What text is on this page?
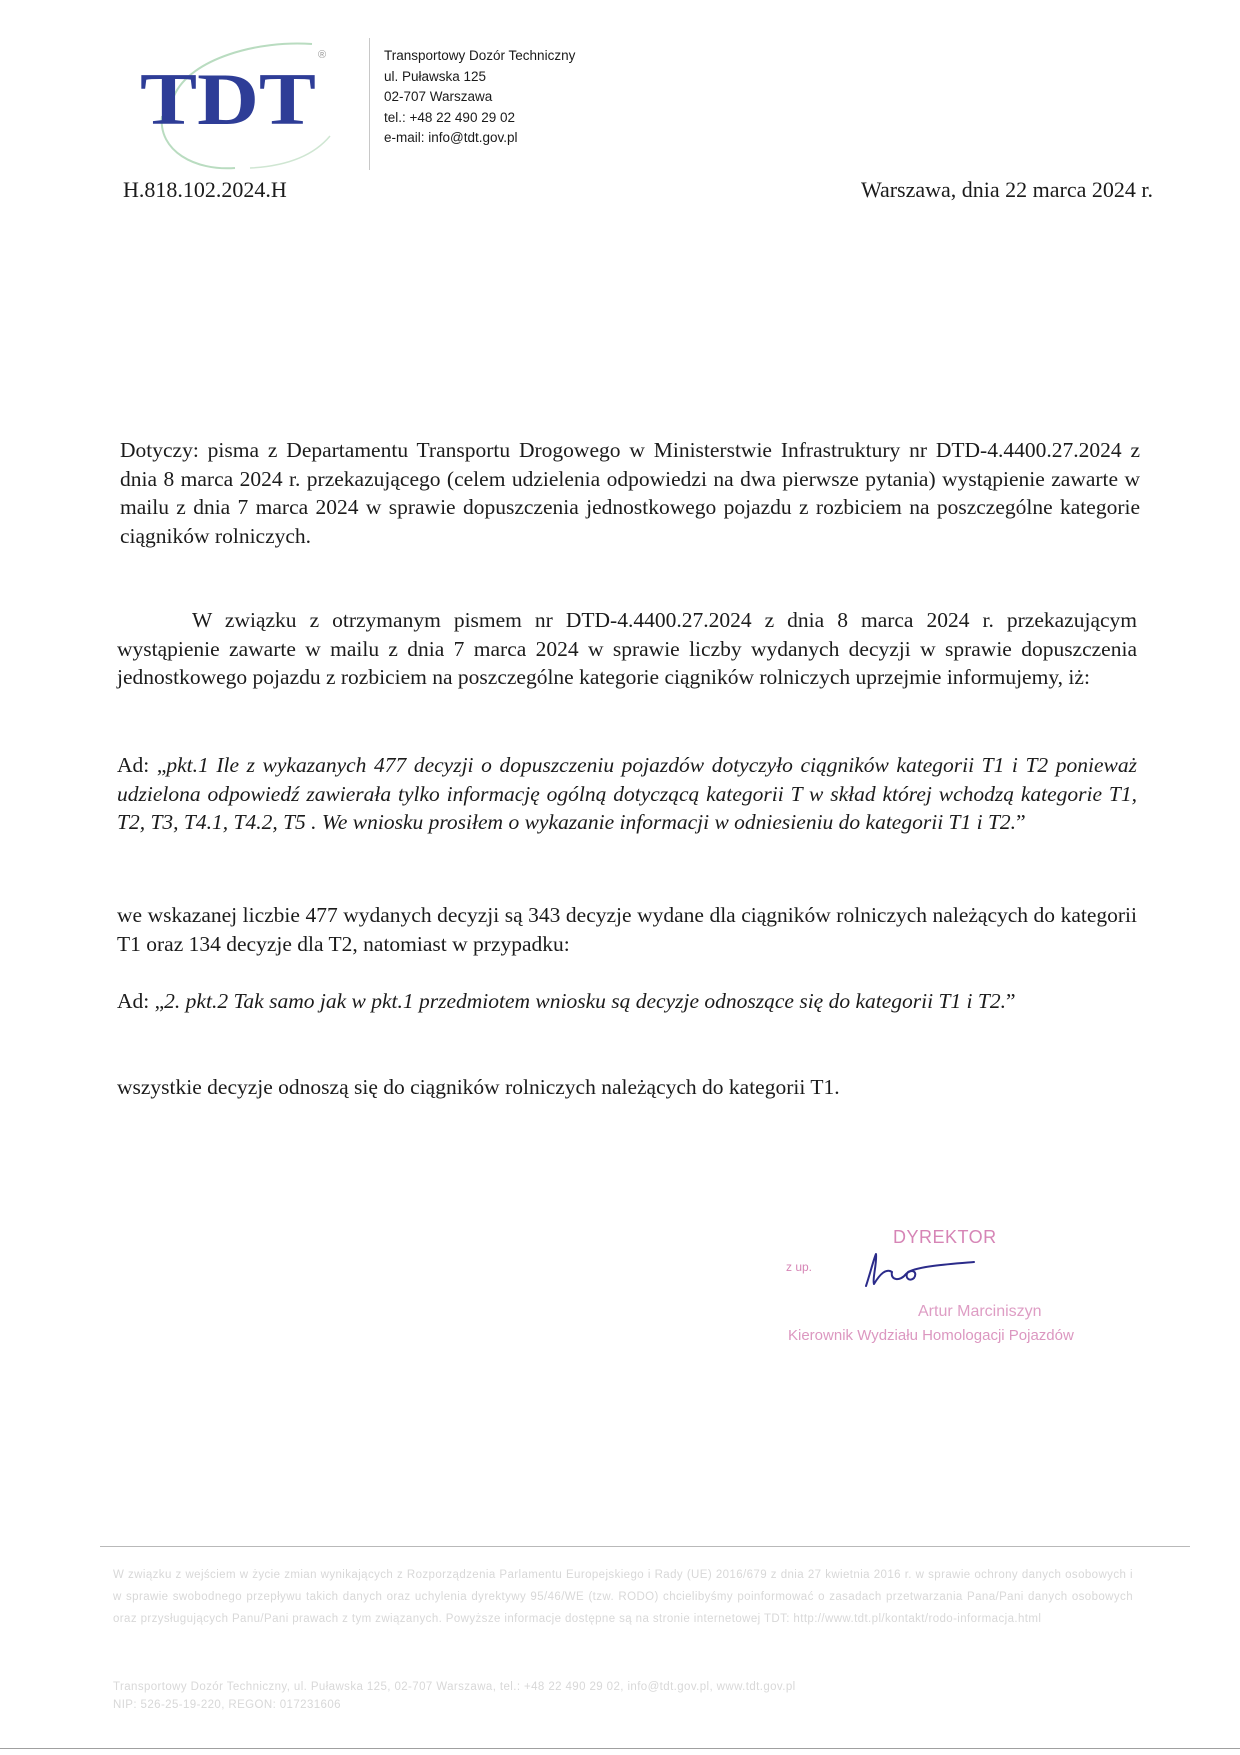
TDT
®	Transportowy Dozór Techniczny
ul. Puławska 125
02-707 Warszawa
tel.: +48 22 490 29 02
e-mail: info@tdt.gov.pl
H.818.102.2024.H	Warszawa, dnia 22 marca 2024 r.
Dotyczy: pisma z Departamentu Transportu Drogowego w Ministerstwie Infrastruktury nr DTD-4.4400.27.2024 z dnia 8 marca 2024 r. przekazującego (celem udzielenia odpowiedzi na dwa pierwsze pytania) wystąpienie zawarte w mailu z dnia 7 marca 2024 w sprawie dopuszczenia jednostkowego pojazdu z rozbiciem na poszczególne kategorie ciągników rolniczych.
W związku z otrzymanym pismem nr DTD-4.4400.27.2024 z dnia 8 marca 2024 r. przekazującym wystąpienie zawarte w mailu z dnia 7 marca 2024 w sprawie liczby wydanych decyzji w sprawie dopuszczenia jednostkowego pojazdu z rozbiciem na poszczególne kategorie ciągników rolniczych uprzejmie informujemy, iż:
Ad: „pkt.1 Ile z wykazanych 477 decyzji o dopuszczeniu pojazdów dotyczyło ciągników kategorii T1 i T2 ponieważ udzielona odpowiedź zawierała tylko informację ogólną dotyczącą kategorii T w skład której wchodzą kategorie T1, T2, T3, T4.1, T4.2, T5 . We wniosku prosiłem o wykazanie informacji w odniesieniu do kategorii T1 i T2.”
we wskazanej liczbie 477 wydanych decyzji są 343 decyzje wydane dla ciągników rolniczych należących do kategorii T1 oraz 134 decyzje dla T2, natomiast w przypadku:
Ad: „2. pkt.2 Tak samo jak w pkt.1 przedmiotem wniosku są decyzje odnoszące się do kategorii T1 i T2.”
wszystkie decyzje odnoszą się do ciągników rolniczych należących do kategorii T1.
DYREKTOR
z up.
Artur Marciniszyn
Kierownik Wydziału Homologacji Pojazdów
W związku z wejściem w życie zmian wynikających z Rozporządzenia Parlamentu Europejskiego i Rady (UE) 2016/679 z dnia 27 kwietnia 2016 r. w sprawie ochrony danych osobowych i w sprawie swobodnego przepływu takich danych oraz uchylenia dyrektywy 95/46/WE (tzw. RODO) chcielibyśmy poinformować o zasadach przetwarzania Pana/Pani danych osobowych oraz przysługujących Panu/Pani prawach z tym związanych. Powyższe informacje dostępne są na stronie internetowej TDT: http://www.tdt.pl/kontakt/rodo-informacja.html
Transportowy Dozór Techniczny, ul. Puławska 125, 02-707 Warszawa, tel.: +48 22 490 29 02, info@tdt.gov.pl, www.tdt.gov.pl
NIP: 526-25-19-220, REGON: 017231606
